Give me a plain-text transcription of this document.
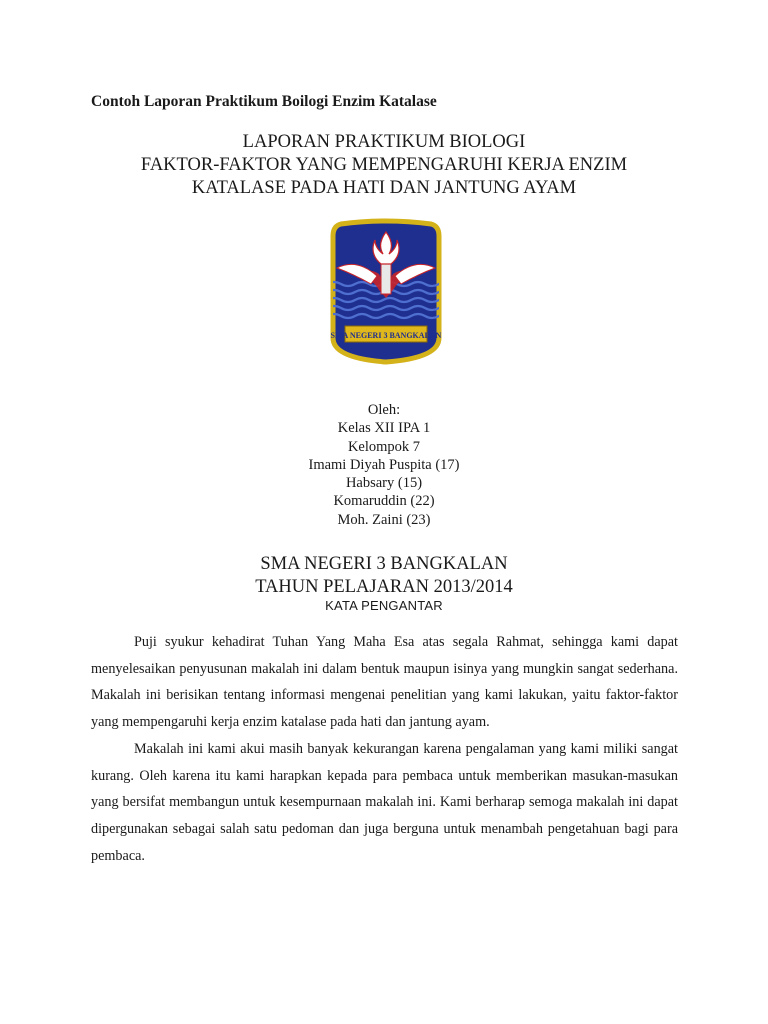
Contoh Laporan Praktikum Boilogi Enzim Katalase
LAPORAN PRAKTIKUM BIOLOGI
FAKTOR-FAKTOR YANG MEMPENGARUHI KERJA ENZIM
KATALASE PADA HATI DAN JANTUNG AYAM
SMA NEGERI 3 BANGKALAN
Oleh:
Kelas XII IPA 1
Kelompok 7
Imami Diyah Puspita (17)
Habsary (15)
Komaruddin (22)
Moh. Zaini (23)
SMA NEGERI 3 BANGKALAN
TAHUN PELAJARAN 2013/2014
KATA PENGANTAR

Puji syukur kehadirat Tuhan Yang Maha Esa atas segala Rahmat, sehingga kami dapat menyelesaikan penyusunan makalah ini dalam bentuk maupun isinya yang mungkin sangat sederhana. Makalah ini berisikan tentang informasi mengenai penelitian yang kami lakukan, yaitu faktor-faktor yang mempengaruhi kerja enzim katalase pada hati dan jantung ayam.

Makalah ini kami akui masih banyak kekurangan karena pengalaman yang kami miliki sangat kurang. Oleh karena itu kami harapkan kepada para pembaca untuk memberikan masukan-masukan yang bersifat membangun untuk kesempurnaan makalah ini. Kami berharap semoga makalah ini dapat dipergunakan sebagai salah satu pedoman dan juga berguna untuk menambah pengetahuan bagi para pembaca.
